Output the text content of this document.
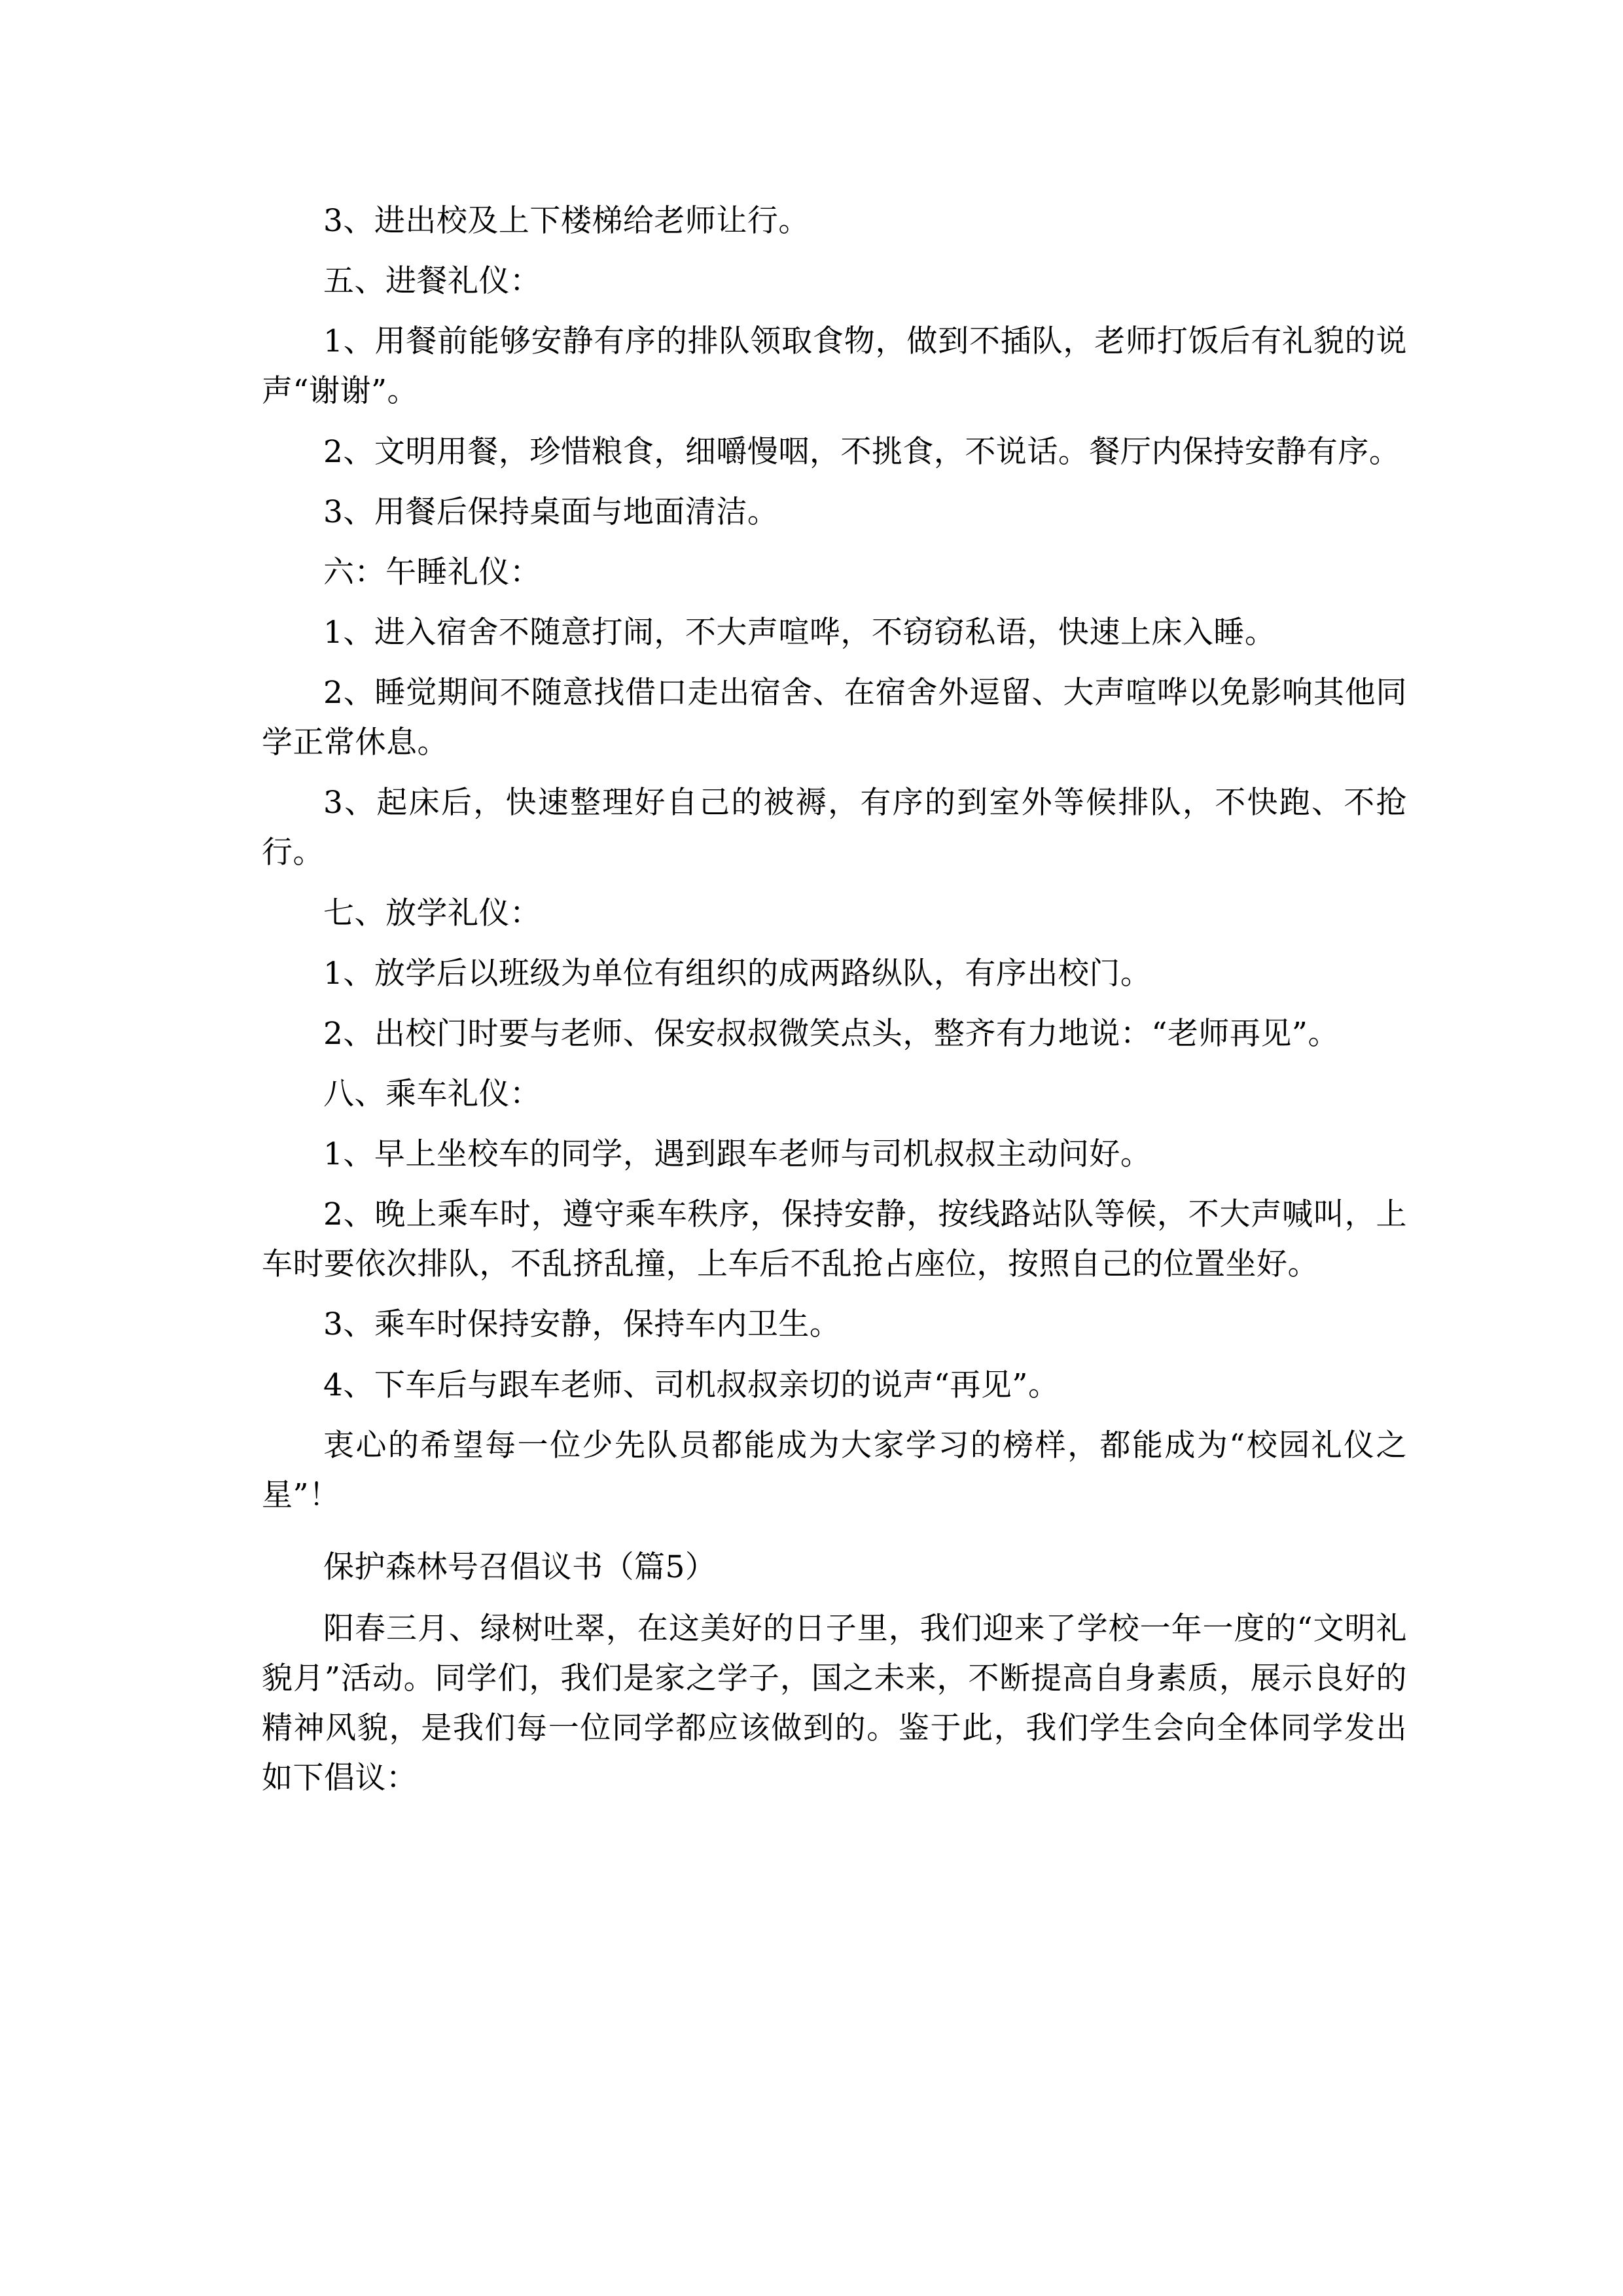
3、进出校及上下楼梯给老师让行。

五、进餐礼仪：

1、用餐前能够安静有序的排队领取食物，做到不插队，老师打饭后有礼貌的说声“谢谢”。

2、文明用餐，珍惜粮食，细嚼慢咽，不挑食，不说话。餐厅内保持安静有序。

3、用餐后保持桌面与地面清洁。

六：午睡礼仪：

1、进入宿舍不随意打闹，不大声喧哗，不窃窃私语，快速上床入睡。

2、睡觉期间不随意找借口走出宿舍、在宿舍外逗留、大声喧哗以免影响其他同学正常休息。

3、起床后，快速整理好自己的被褥，有序的到室外等候排队，不快跑、不抢行。

七、放学礼仪：

1、放学后以班级为单位有组织的成两路纵队，有序出校门。

2、出校门时要与老师、保安叔叔微笑点头，整齐有力地说：“老师再见”。

八、乘车礼仪：

1、早上坐校车的同学，遇到跟车老师与司机叔叔主动问好。

2、晚上乘车时，遵守乘车秩序，保持安静，按线路站队等候，不大声喊叫，上车时要依次排队，不乱挤乱撞，上车后不乱抢占座位，按照自己的位置坐好。

3、乘车时保持安静，保持车内卫生。

4、下车后与跟车老师、司机叔叔亲切的说声“再见”。

衷心的希望每一位少先队员都能成为大家学习的榜样，都能成为“校园礼仪之星”！

保护森林号召倡议书（篇5）

阳春三月、绿树吐翠，在这美好的日子里，我们迎来了学校一年一度的“文明礼貌月”活动。同学们，我们是家之学子，国之未来，不断提高自身素质，展示良好的精神风貌，是我们每一位同学都应该做到的。鉴于此，我们学生会向全体同学发出如下倡议：
